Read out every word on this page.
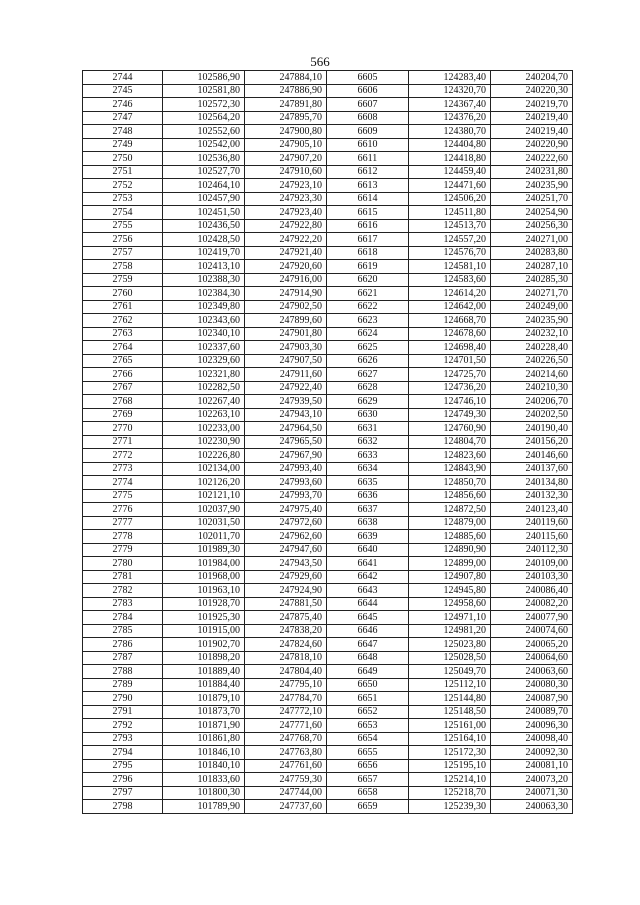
566
2744	102586,90	247884,10	6605	124283,40	240204,70
2745	102581,80	247886,90	6606	124320,70	240220,30
2746	102572,30	247891,80	6607	124367,40	240219,70
2747	102564,20	247895,70	6608	124376,20	240219,40
2748	102552,60	247900,80	6609	124380,70	240219,40
2749	102542,00	247905,10	6610	124404,80	240220,90
2750	102536,80	247907,20	6611	124418,80	240222,60
2751	102527,70	247910,60	6612	124459,40	240231,80
2752	102464,10	247923,10	6613	124471,60	240235,90
2753	102457,90	247923,30	6614	124506,20	240251,70
2754	102451,50	247923,40	6615	124511,80	240254,90
2755	102436,50	247922,80	6616	124513,70	240256,30
2756	102428,50	247922,20	6617	124557,20	240271,00
2757	102419,70	247921,40	6618	124576,70	240283,80
2758	102413,10	247920,60	6619	124581,10	240287,10
2759	102388,30	247916,00	6620	124583,60	240285,30
2760	102384,30	247914,90	6621	124614,20	240271,70
2761	102349,80	247902,50	6622	124642,00	240249,00
2762	102343,60	247899,60	6623	124668,70	240235,90
2763	102340,10	247901,80	6624	124678,60	240232,10
2764	102337,60	247903,30	6625	124698,40	240228,40
2765	102329,60	247907,50	6626	124701,50	240226,50
2766	102321,80	247911,60	6627	124725,70	240214,60
2767	102282,50	247922,40	6628	124736,20	240210,30
2768	102267,40	247939,50	6629	124746,10	240206,70
2769	102263,10	247943,10	6630	124749,30	240202,50
2770	102233,00	247964,50	6631	124760,90	240190,40
2771	102230,90	247965,50	6632	124804,70	240156,20
2772	102226,80	247967,90	6633	124823,60	240146,60
2773	102134,00	247993,40	6634	124843,90	240137,60
2774	102126,20	247993,60	6635	124850,70	240134,80
2775	102121,10	247993,70	6636	124856,60	240132,30
2776	102037,90	247975,40	6637	124872,50	240123,40
2777	102031,50	247972,60	6638	124879,00	240119,60
2778	102011,70	247962,60	6639	124885,60	240115,60
2779	101989,30	247947,60	6640	124890,90	240112,30
2780	101984,00	247943,50	6641	124899,00	240109,00
2781	101968,00	247929,60	6642	124907,80	240103,30
2782	101963,10	247924,90	6643	124945,80	240086,40
2783	101928,70	247881,50	6644	124958,60	240082,20
2784	101925,30	247875,40	6645	124971,10	240077,90
2785	101915,00	247838,20	6646	124981,20	240074,60
2786	101902,70	247824,60	6647	125023,80	240065,20
2787	101898,20	247818,10	6648	125028,50	240064,60
2788	101889,40	247804,40	6649	125049,70	240063,60
2789	101884,40	247795,10	6650	125112,10	240080,30
2790	101879,10	247784,70	6651	125144,80	240087,90
2791	101873,70	247772,10	6652	125148,50	240089,70
2792	101871,90	247771,60	6653	125161,00	240096,30
2793	101861,80	247768,70	6654	125164,10	240098,40
2794	101846,10	247763,80	6655	125172,30	240092,30
2795	101840,10	247761,60	6656	125195,10	240081,10
2796	101833,60	247759,30	6657	125214,10	240073,20
2797	101800,30	247744,00	6658	125218,70	240071,30
2798	101789,90	247737,60	6659	125239,30	240063,30
